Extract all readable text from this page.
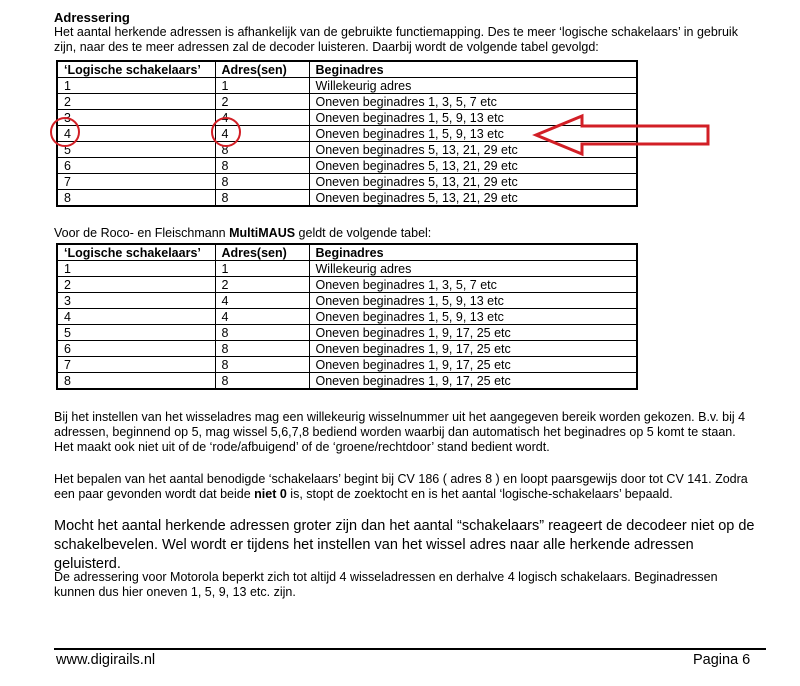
Adressering
Het aantal herkende adressen is afhankelijk van de gebruikte functiemapping. Des te meer ‘logische schakelaars’ in gebruik zijn, naar des te meer adressen zal de decoder luisteren. Daarbij wordt de volgende tabel gevolgd:
‘Logische schakelaars’	Adres(sen)	Beginadres
1	1	Willekeurig adres
2	2	Oneven beginadres 1, 3, 5, 7 etc
3	4	Oneven beginadres 1, 5, 9, 13 etc
4	4	Oneven beginadres 1, 5, 9, 13 etc
5	8	Oneven beginadres 5, 13, 21, 29 etc
6	8	Oneven beginadres 5, 13, 21, 29 etc
7	8	Oneven beginadres 5, 13, 21, 29 etc
8	8	Oneven beginadres 5, 13, 21, 29 etc
Voor de Roco- en Fleischmann MultiMAUS geldt de volgende tabel:
‘Logische schakelaars’	Adres(sen)	Beginadres
1	1	Willekeurig adres
2	2	Oneven beginadres 1, 3, 5, 7 etc
3	4	Oneven beginadres 1, 5, 9, 13 etc
4	4	Oneven beginadres 1, 5, 9, 13 etc
5	8	Oneven beginadres 1, 9, 17, 25 etc
6	8	Oneven beginadres 1, 9, 17, 25 etc
7	8	Oneven beginadres 1, 9, 17, 25 etc
8	8	Oneven beginadres 1, 9, 17, 25 etc
Bij het instellen van het wisseladres mag een willekeurig wisselnummer uit het aangegeven bereik worden gekozen. B.v. bij 4 adressen, beginnend op 5, mag wissel 5,6,7,8 bediend worden waarbij dan automatisch het beginadres op 5 komt te staan. Het maakt ook niet uit of de ‘rode/afbuigend’ of de ‘groene/rechtdoor’ stand bedient wordt.
Het bepalen van het aantal benodigde ‘schakelaars’ begint bij CV 186 ( adres 8 ) en loopt paarsgewijs door tot CV 141. Zodra een paar gevonden wordt dat beide niet 0 is, stopt de zoektocht en is het aantal ‘logische-schakelaars’ bepaald.
Mocht het aantal herkende adressen groter zijn dan het aantal “schakelaars” reageert de decodeer niet op de schakelbevelen. Wel wordt er tijdens het instellen van het wissel adres naar alle herkende adressen geluisterd.
De adressering voor Motorola beperkt zich tot altijd 4 wisseladressen en derhalve 4 logisch schakelaars. Beginadressen kunnen dus hier oneven 1, 5, 9, 13 etc. zijn.
www.digirails.nl	Pagina 6
